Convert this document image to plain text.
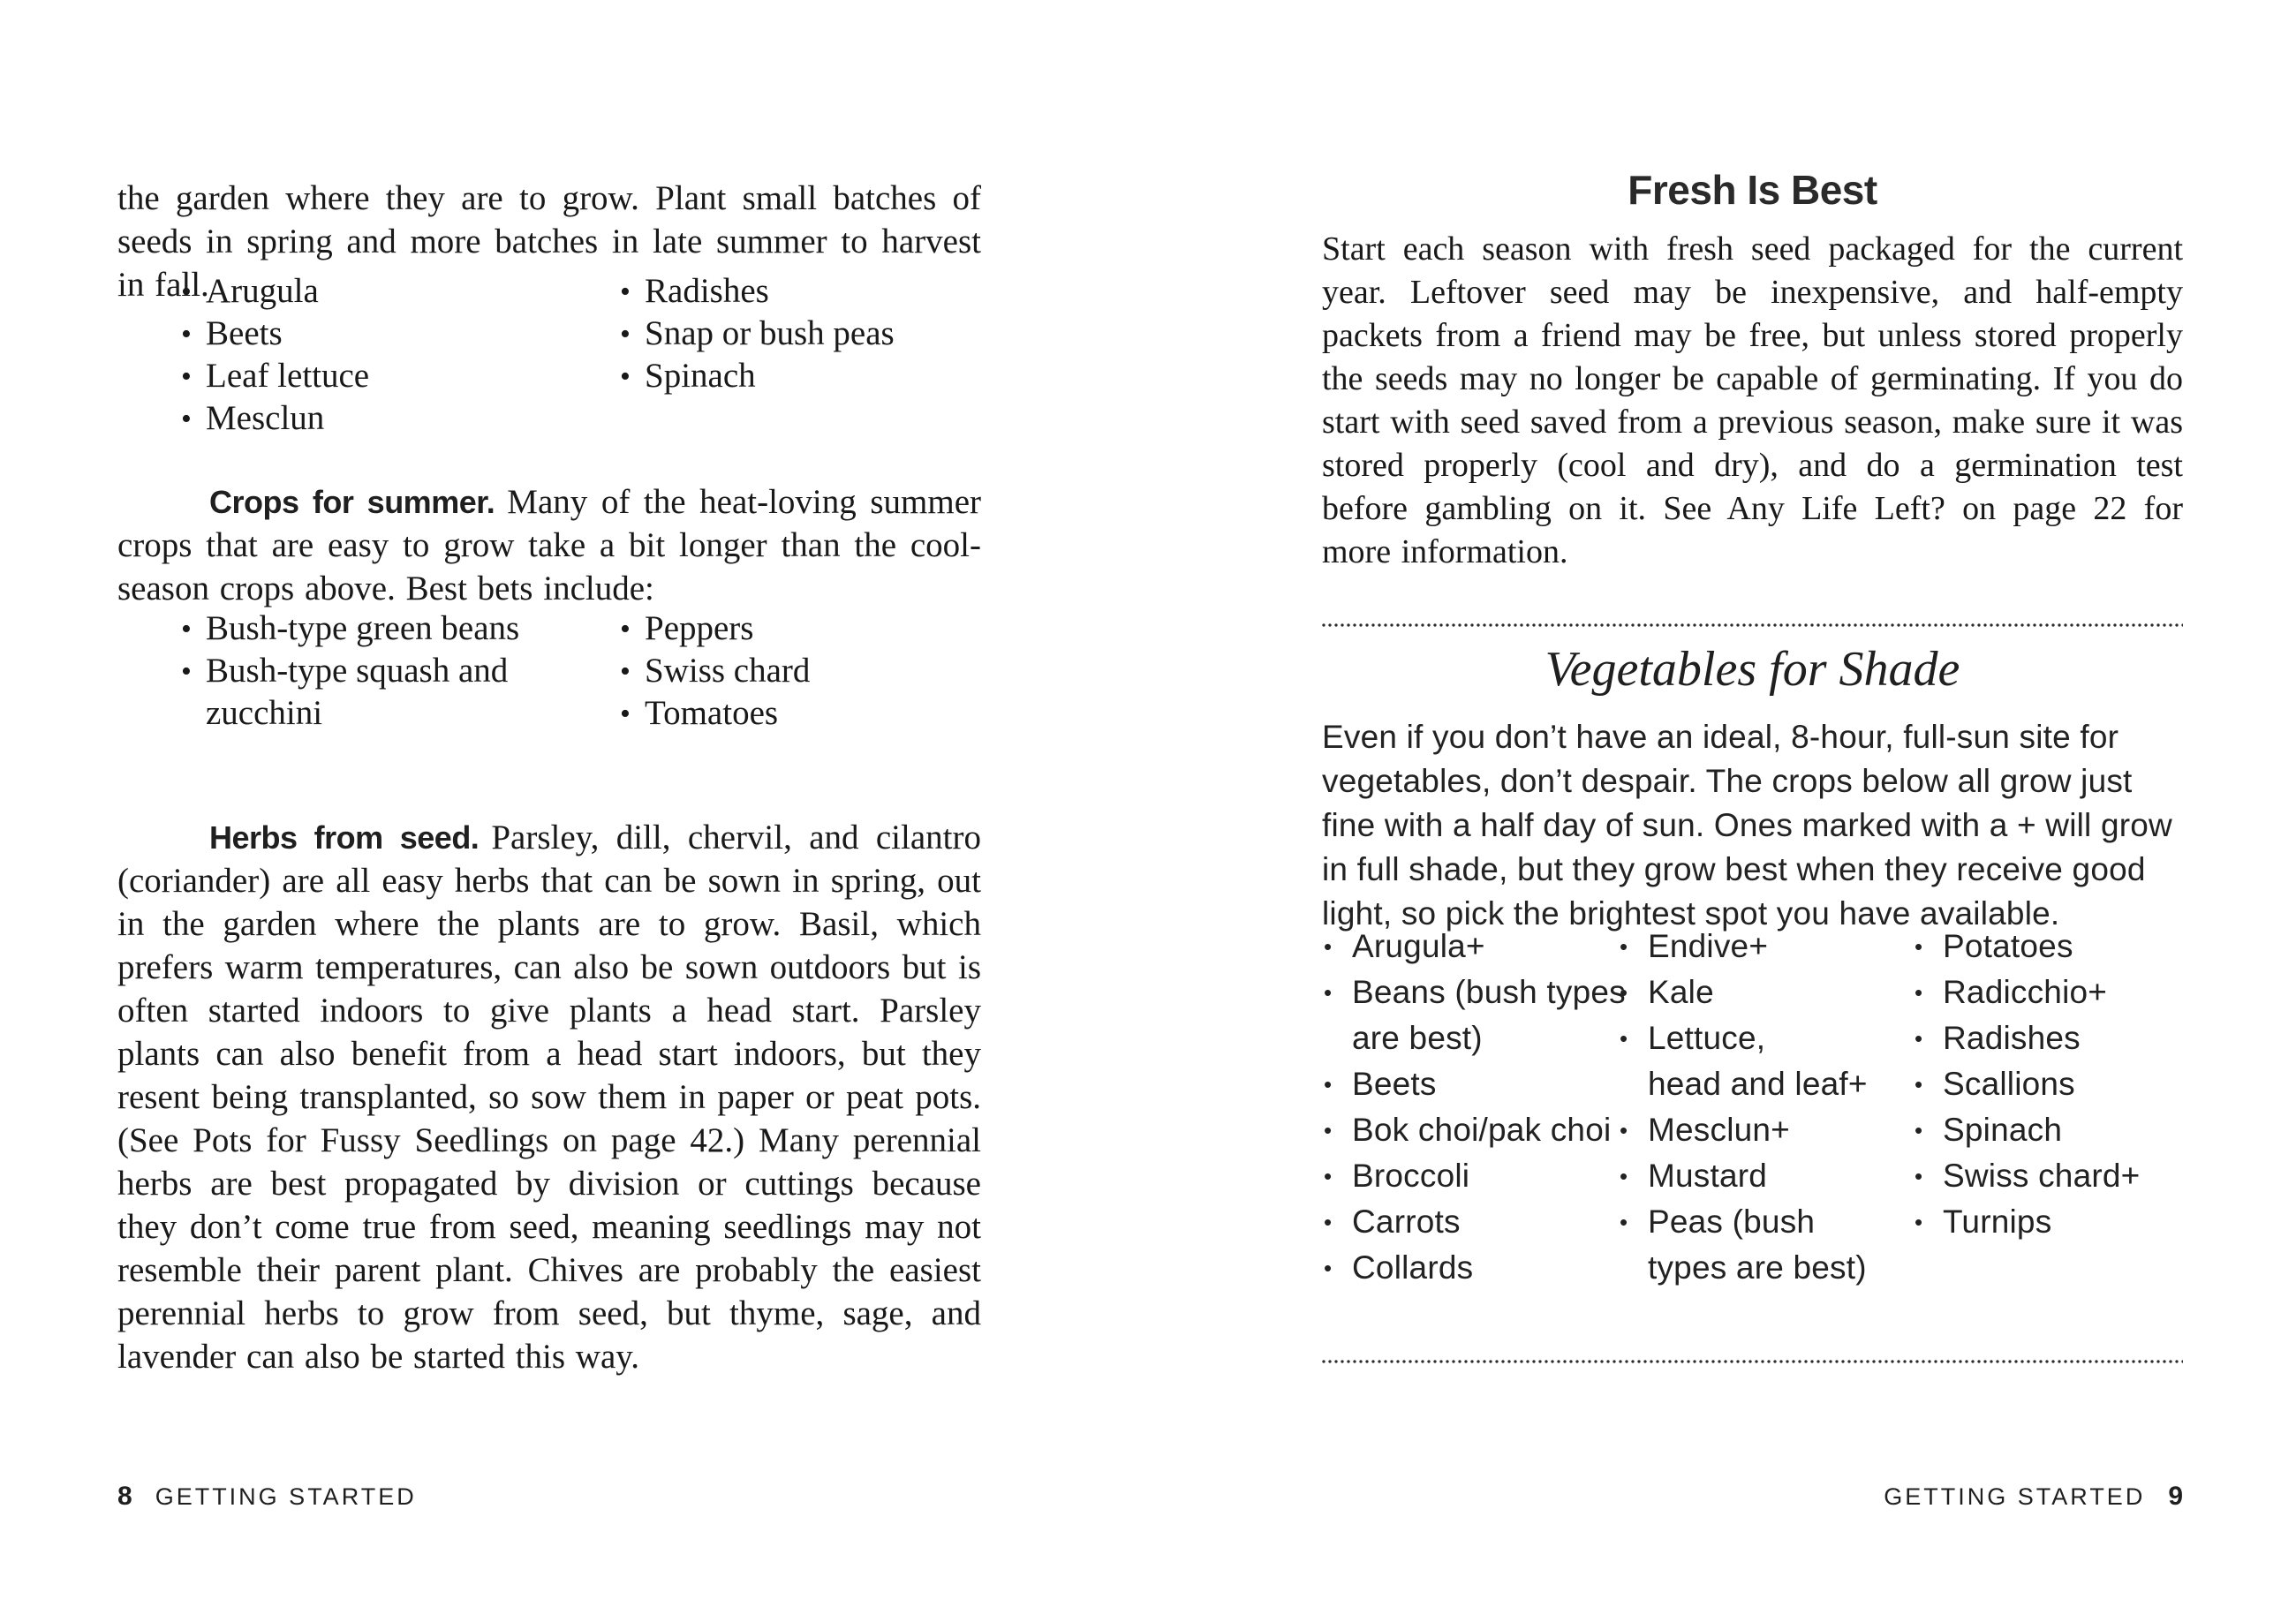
the garden where they are to grow. Plant small batches of seeds in spring and more batches in late summer to harvest in fall.

• Arugula
• Beets
• Leaf lettuce
• Mesclun
• Radishes
• Snap or bush peas
• Spinach

Crops for summer. Many of the heat-loving summer crops that are easy to grow take a bit longer than the cool-season crops above. Best bets include:

• Bush-type green beans
• Bush-type squash and
zucchini
• Peppers
• Swiss chard
• Tomatoes

Herbs from seed. Parsley, dill, chervil, and cilantro (coriander) are all easy herbs that can be sown in spring, out in the garden where the plants are to grow. Basil, which prefers warm temperatures, can also be sown outdoors but is often started indoors to give plants a head start. Parsley plants can also benefit from a head start indoors, but they resent being transplanted, so sow them in paper or peat pots. (See Pots for Fussy Seedlings on page 42.) Many perennial herbs are best propagated by division or cuttings because they don’t come true from seed, meaning seedlings may not resemble their parent plant. Chives are probably the easiest perennial herbs to grow from seed, but thyme, sage, and lavender can also be started this way.

8 GETTING STARTED
Fresh Is Best

Start each season with fresh seed packaged for the current year. Leftover seed may be inexpensive, and half-empty packets from a friend may be free, but unless stored properly the seeds may no longer be capable of germinating. If you do start with seed saved from a previous season, make sure it was stored properly (cool and dry), and do a germination test before gambling on it. See Any Life Left? on page 22 for more information.

Vegetables for Shade

Even if you don’t have an ideal, 8-hour, full-sun site for vegetables, don’t despair. The crops below all grow just fine with a half day of sun. Ones marked with a + will grow in full shade, but they grow best when they receive good light, so pick the brightest spot you have available.

• Arugula+
• Beans (bush types
are best)
• Beets
• Bok choi/pak choi
• Broccoli
• Carrots
• Collards
• Endive+
• Kale
• Lettuce,
head and leaf+
• Mesclun+
• Mustard
• Peas (bush
types are best)
• Potatoes
• Radicchio+
• Radishes
• Scallions
• Spinach
• Swiss chard+
• Turnips
GETTING STARTED 9
